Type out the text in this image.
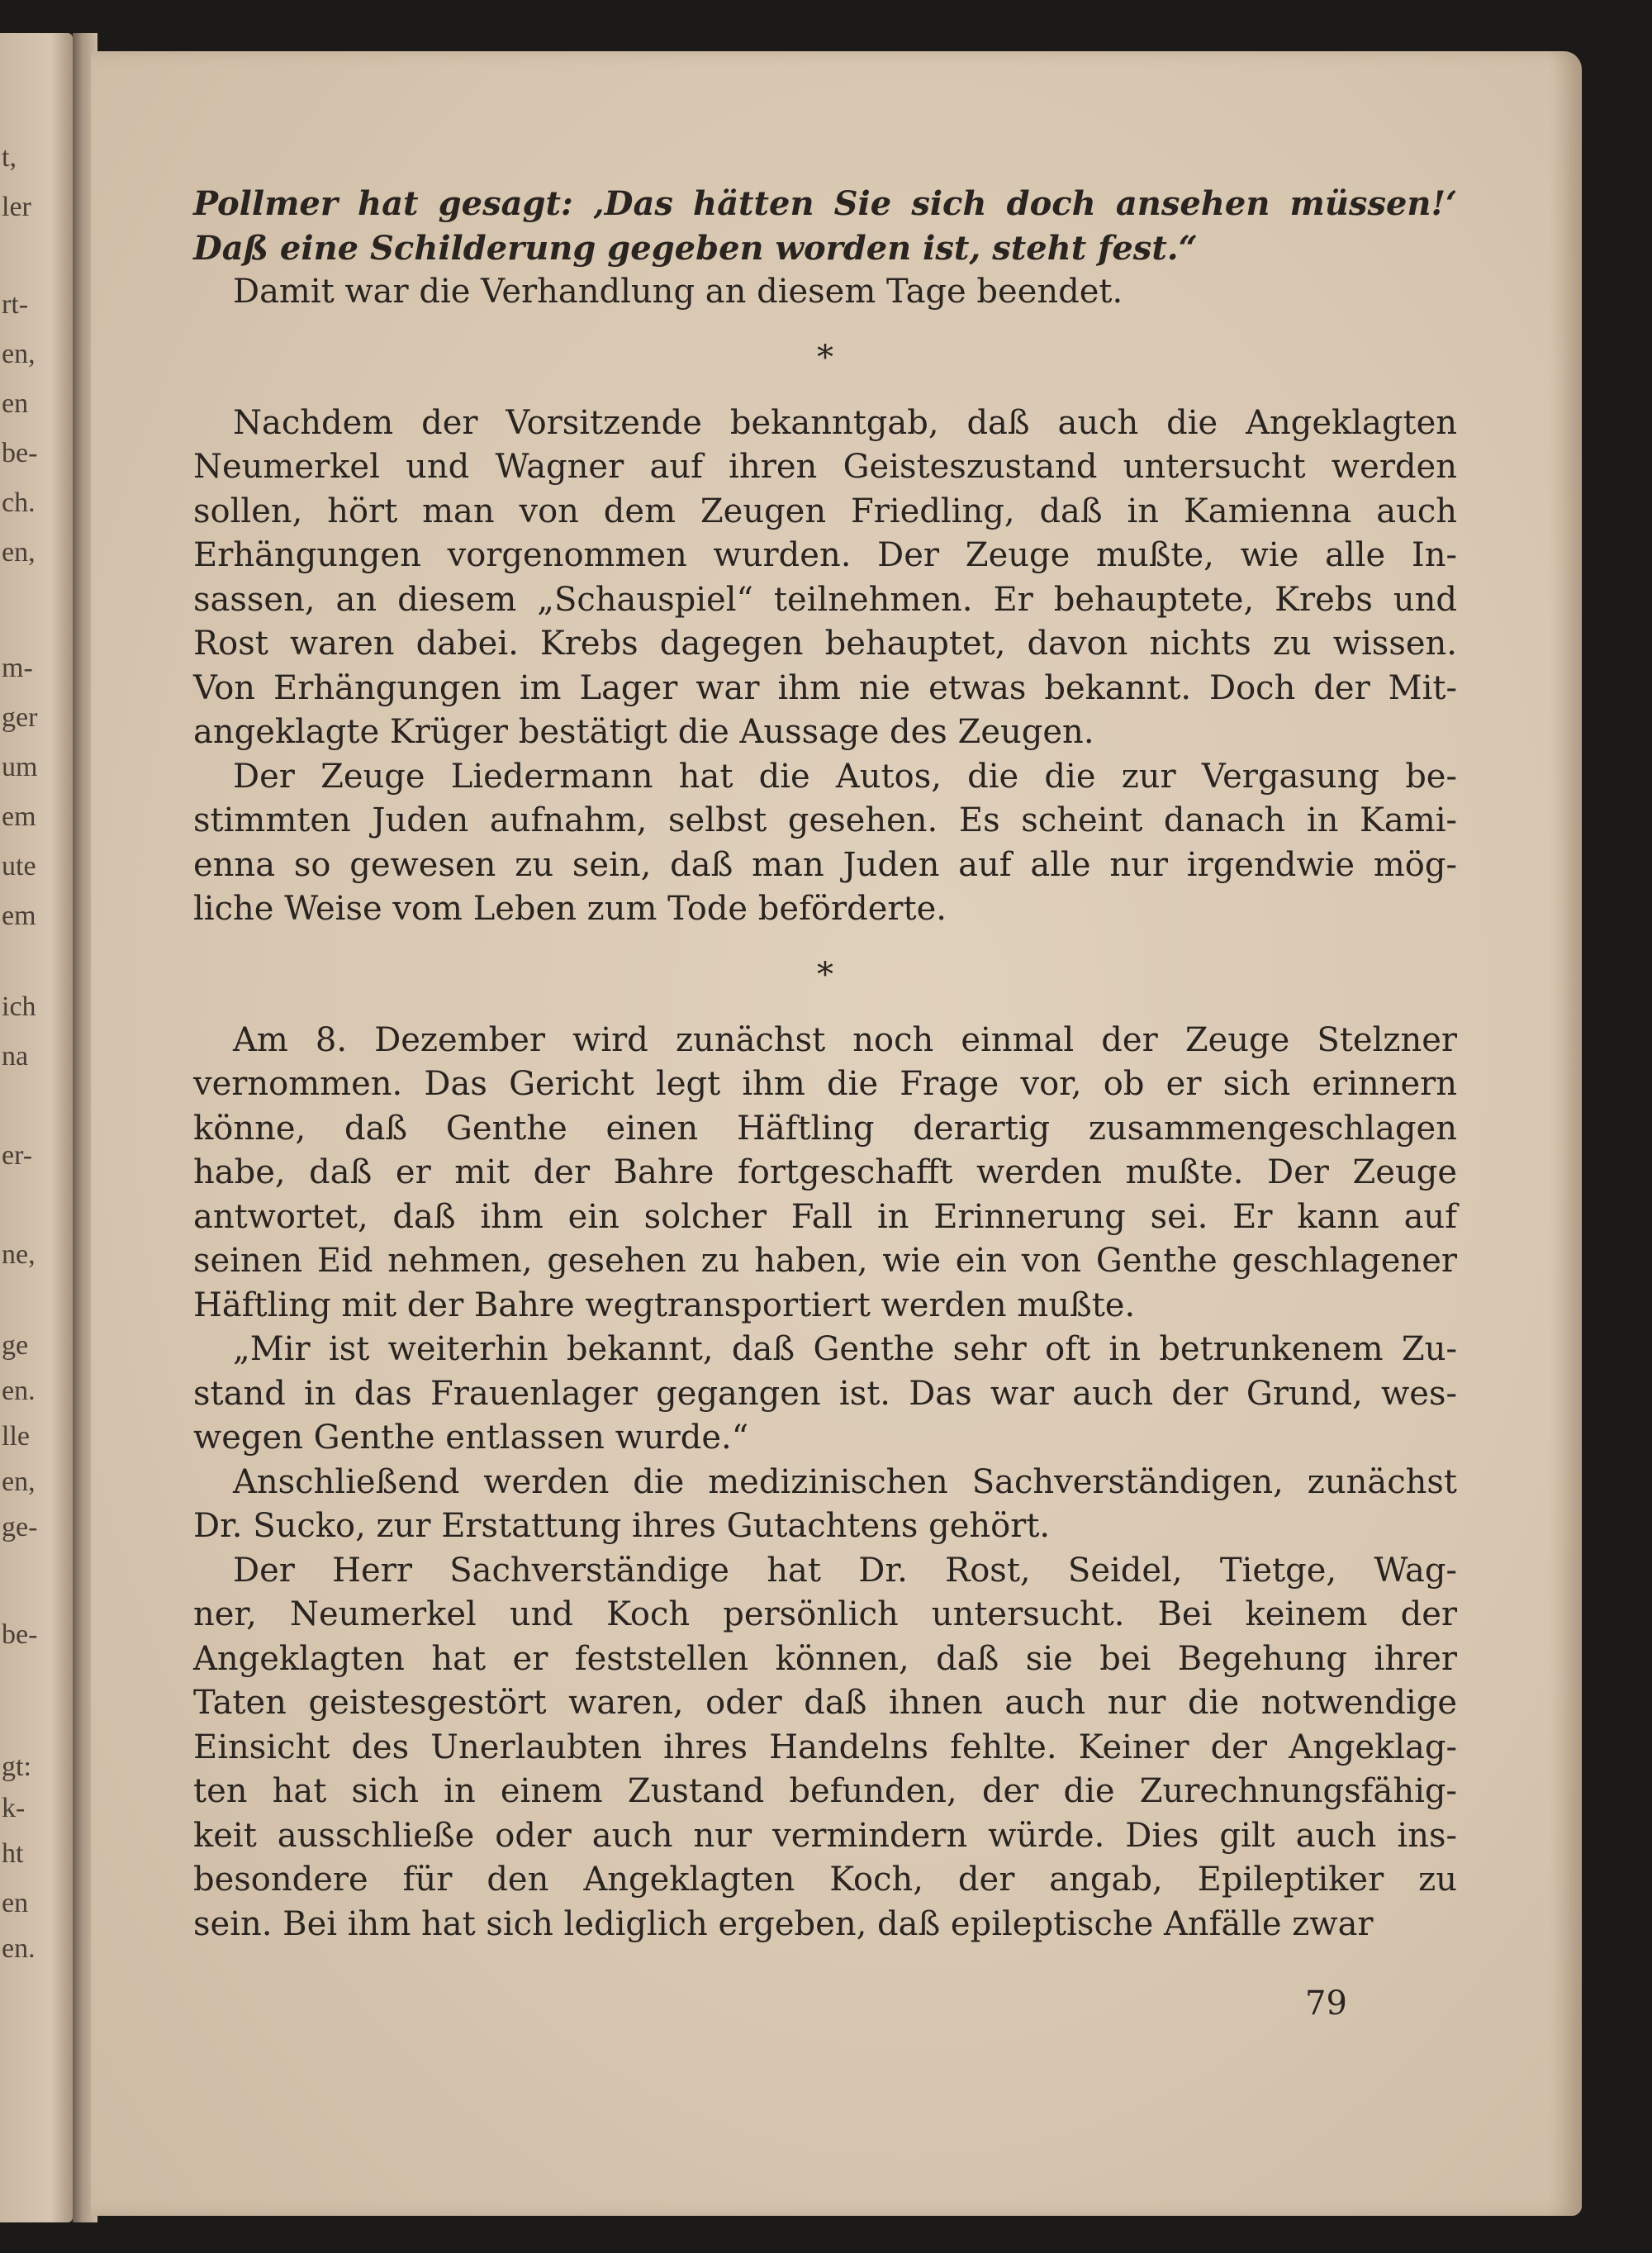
t,
ler
rt-
en,
en
be-
ch.
en,
m-
ger
um
em
ute
em
ich
na
er-
ne,
ge
en.
lle
en,
ge-
be-
gt:
k-
ht
en
en.
Pollmer hat gesagt: ‚Das hätten Sie sich doch ansehen müssen!‘
Daß eine Schilderung gegeben worden ist, steht fest.“
Damit war die Verhandlung an diesem Tage beendet.
*
Nachdem der Vorsitzende bekanntgab, daß auch die Angeklagten
Neumerkel und Wagner auf ihren Geisteszustand untersucht werden
sollen, hört man von dem Zeugen Friedling, daß in Kamienna auch
Erhängungen vorgenommen wurden. Der Zeuge mußte, wie alle In-
sassen, an diesem „Schauspiel“ teilnehmen. Er behauptete, Krebs und
Rost waren dabei. Krebs dagegen behauptet, davon nichts zu wissen.
Von Erhängungen im Lager war ihm nie etwas bekannt. Doch der Mit-
angeklagte Krüger bestätigt die Aussage des Zeugen.
Der Zeuge Liedermann hat die Autos, die die zur Vergasung be-
stimmten Juden aufnahm, selbst gesehen. Es scheint danach in Kami-
enna so gewesen zu sein, daß man Juden auf alle nur irgendwie mög-
liche Weise vom Leben zum Tode beförderte.
*
Am 8. Dezember wird zunächst noch einmal der Zeuge Stelzner
vernommen. Das Gericht legt ihm die Frage vor, ob er sich erinnern
könne, daß Genthe einen Häftling derartig zusammengeschlagen
habe, daß er mit der Bahre fortgeschafft werden mußte. Der Zeuge
antwortet, daß ihm ein solcher Fall in Erinnerung sei. Er kann auf
seinen Eid nehmen, gesehen zu haben, wie ein von Genthe geschlagener
Häftling mit der Bahre wegtransportiert werden mußte.
„Mir ist weiterhin bekannt, daß Genthe sehr oft in betrunkenem Zu-
stand in das Frauenlager gegangen ist. Das war auch der Grund, wes-
wegen Genthe entlassen wurde.“
Anschließend werden die medizinischen Sachverständigen, zunächst
Dr. Sucko, zur Erstattung ihres Gutachtens gehört.
Der Herr Sachverständige hat Dr. Rost, Seidel, Tietge, Wag-
ner, Neumerkel und Koch persönlich untersucht. Bei keinem der
Angeklagten hat er feststellen können, daß sie bei Begehung ihrer
Taten geistesgestört waren, oder daß ihnen auch nur die notwendige
Einsicht des Unerlaubten ihres Handelns fehlte. Keiner der Angeklag-
ten hat sich in einem Zustand befunden, der die Zurechnungsfähig-
keit ausschließe oder auch nur vermindern würde. Dies gilt auch ins-
besondere für den Angeklagten Koch, der angab, Epileptiker zu
sein. Bei ihm hat sich lediglich ergeben, daß epileptische Anfälle zwar
79
